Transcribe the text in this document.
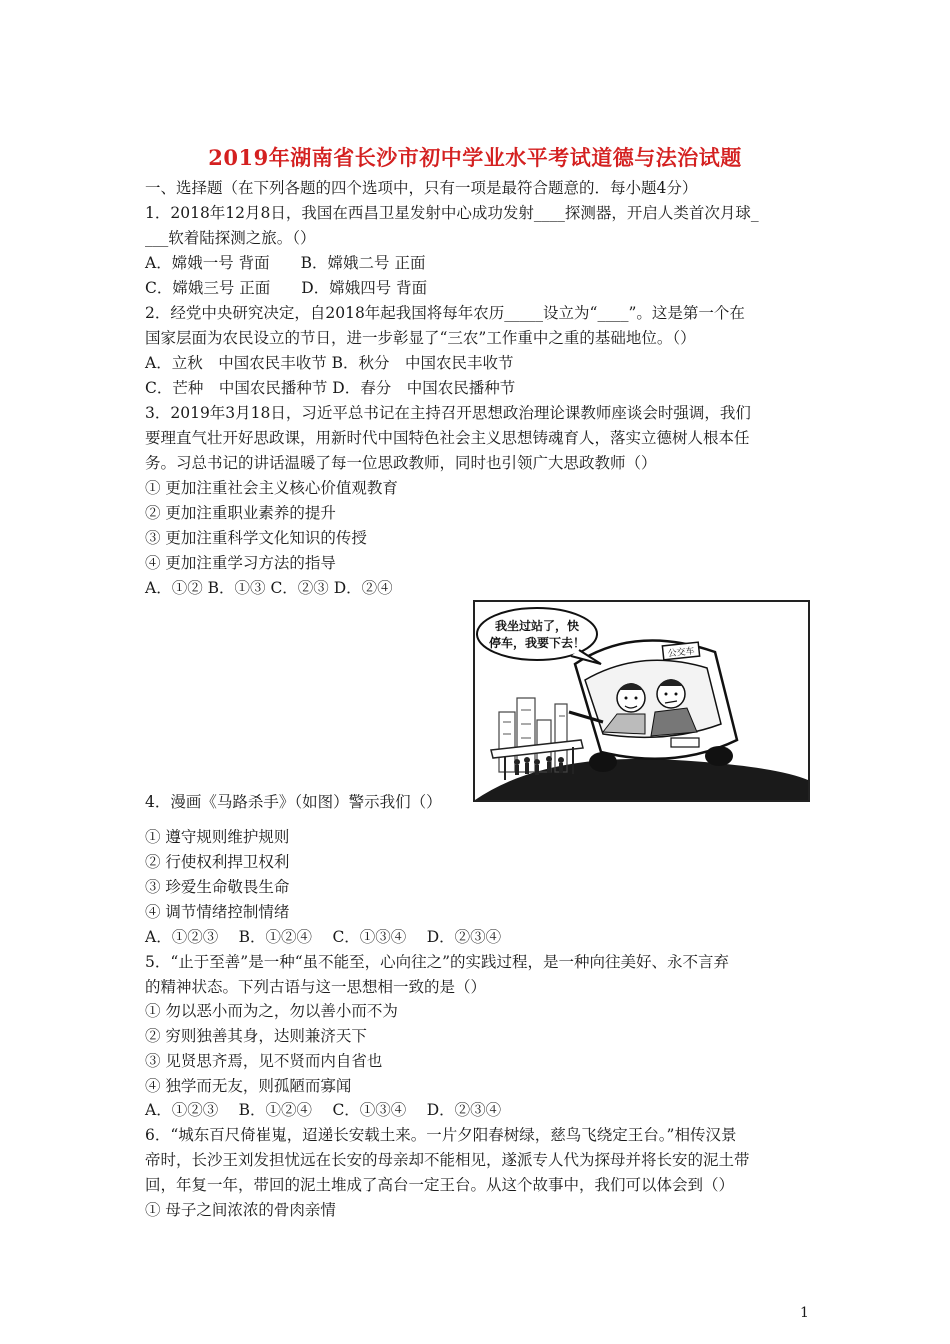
2019年湖南省长沙市初中学业水平考试道德与法治试题
一、选择题（在下列各题的四个选项中，只有一项是最符合题意的．每小题4分）
1．2018年12月8日，我国在西昌卫星发射中心成功发射____探测器，开启人类首次月球_
___软着陆探测之旅。（）
A．嫦娥一号 背面　　B．嫦娥二号 正面
C．嫦娥三号 正面　　D．嫦娥四号 背面
2．经党中央研究决定，自2018年起我国将每年农历_____设立为“____”。这是第一个在
国家层面为农民设立的节日，进一步彰显了“三农”工作重中之重的基础地位。（）
A．立秋　中国农民丰收节 B．秋分　中国农民丰收节
C．芒种　中国农民播种节 D．春分　中国农民播种节
3．2019年3月18日，习近平总书记在主持召开思想政治理论课教师座谈会时强调，我们
要理直气壮开好思政课，用新时代中国特色社会主义思想铸魂育人，落实立德树人根本任
务。习总书记的讲话温暖了每一位思政教师，同时也引领广大思政教师（）
① 更加注重社会主义核心价值观教育
② 更加注重职业素养的提升
③ 更加注重科学文化知识的传授
④ 更加注重学习方法的指导
A．①② B．①③ C．②③ D．②④
公交车
我坐过站了，快
停车，我要下去！
4．漫画《马路杀手》（如图）警示我们（）
① 遵守规则维护规则
② 行使权利捍卫权利
③ 珍爱生命敬畏生命
④ 调节情绪控制情绪
A．①②③　 B．①②④　 C．①③④　 D．②③④
5．“止于至善”是一种“虽不能至，心向往之”的实践过程，是一种向往美好、永不言弃
的精神状态。下列古语与这一思想相一致的是（）
① 勿以恶小而为之，勿以善小而不为
② 穷则独善其身，达则兼济天下
③ 见贤思齐焉，见不贤而内自省也
④ 独学而无友，则孤陋而寡闻
A．①②③　 B．①②④　 C．①③④　 D．②③④
6．“城东百尺倚崔嵬，迢递长安载土来。一片夕阳春树绿，慈鸟飞绕定王台。”相传汉景
帝时，长沙王刘发担忧远在长安的母亲却不能相见，遂派专人代为探母并将长安的泥土带
回，年复一年，带回的泥土堆成了高台一定王台。从这个故事中，我们可以体会到（）
① 母子之间浓浓的骨肉亲情
1
